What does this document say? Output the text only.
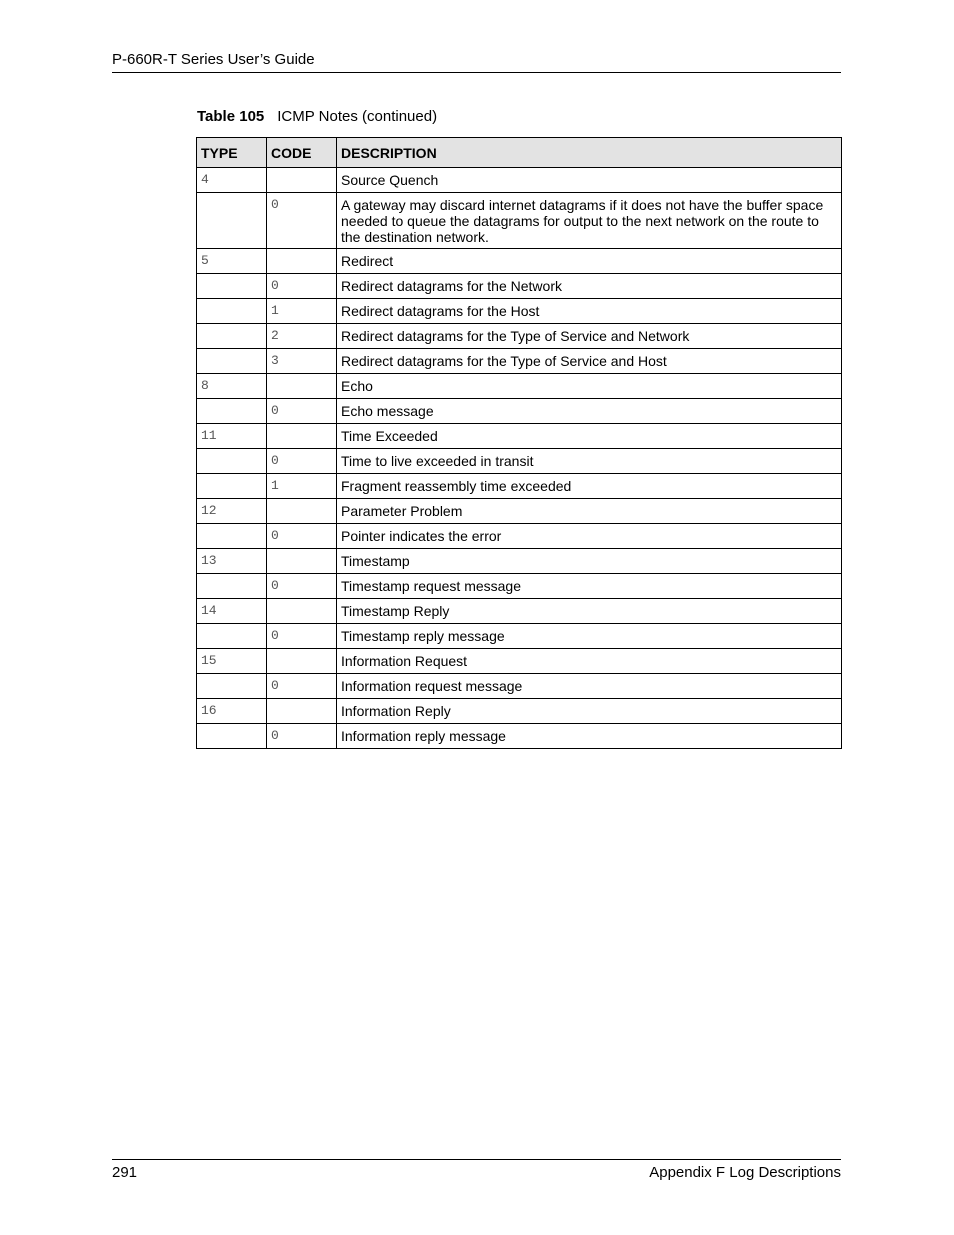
P-660R-T Series User’s Guide
Table 105 ICMP Notes (continued)
TYPE	CODE	DESCRIPTION
4		Source Quench
	0	A gateway may discard internet datagrams if it does not have the buffer space needed to queue the datagrams for output to the next network on the route to the destination network.
5		Redirect
	0	Redirect datagrams for the Network
	1	Redirect datagrams for the Host
	2	Redirect datagrams for the Type of Service and Network
	3	Redirect datagrams for the Type of Service and Host
8		Echo
	0	Echo message
11		Time Exceeded
	0	Time to live exceeded in transit
	1	Fragment reassembly time exceeded
12		Parameter Problem
	0	Pointer indicates the error
13		Timestamp
	0	Timestamp request message
14		Timestamp Reply
	0	Timestamp reply message
15		Information Request
	0	Information request message
16		Information Reply
	0	Information reply message
291	Appendix F Log Descriptions
